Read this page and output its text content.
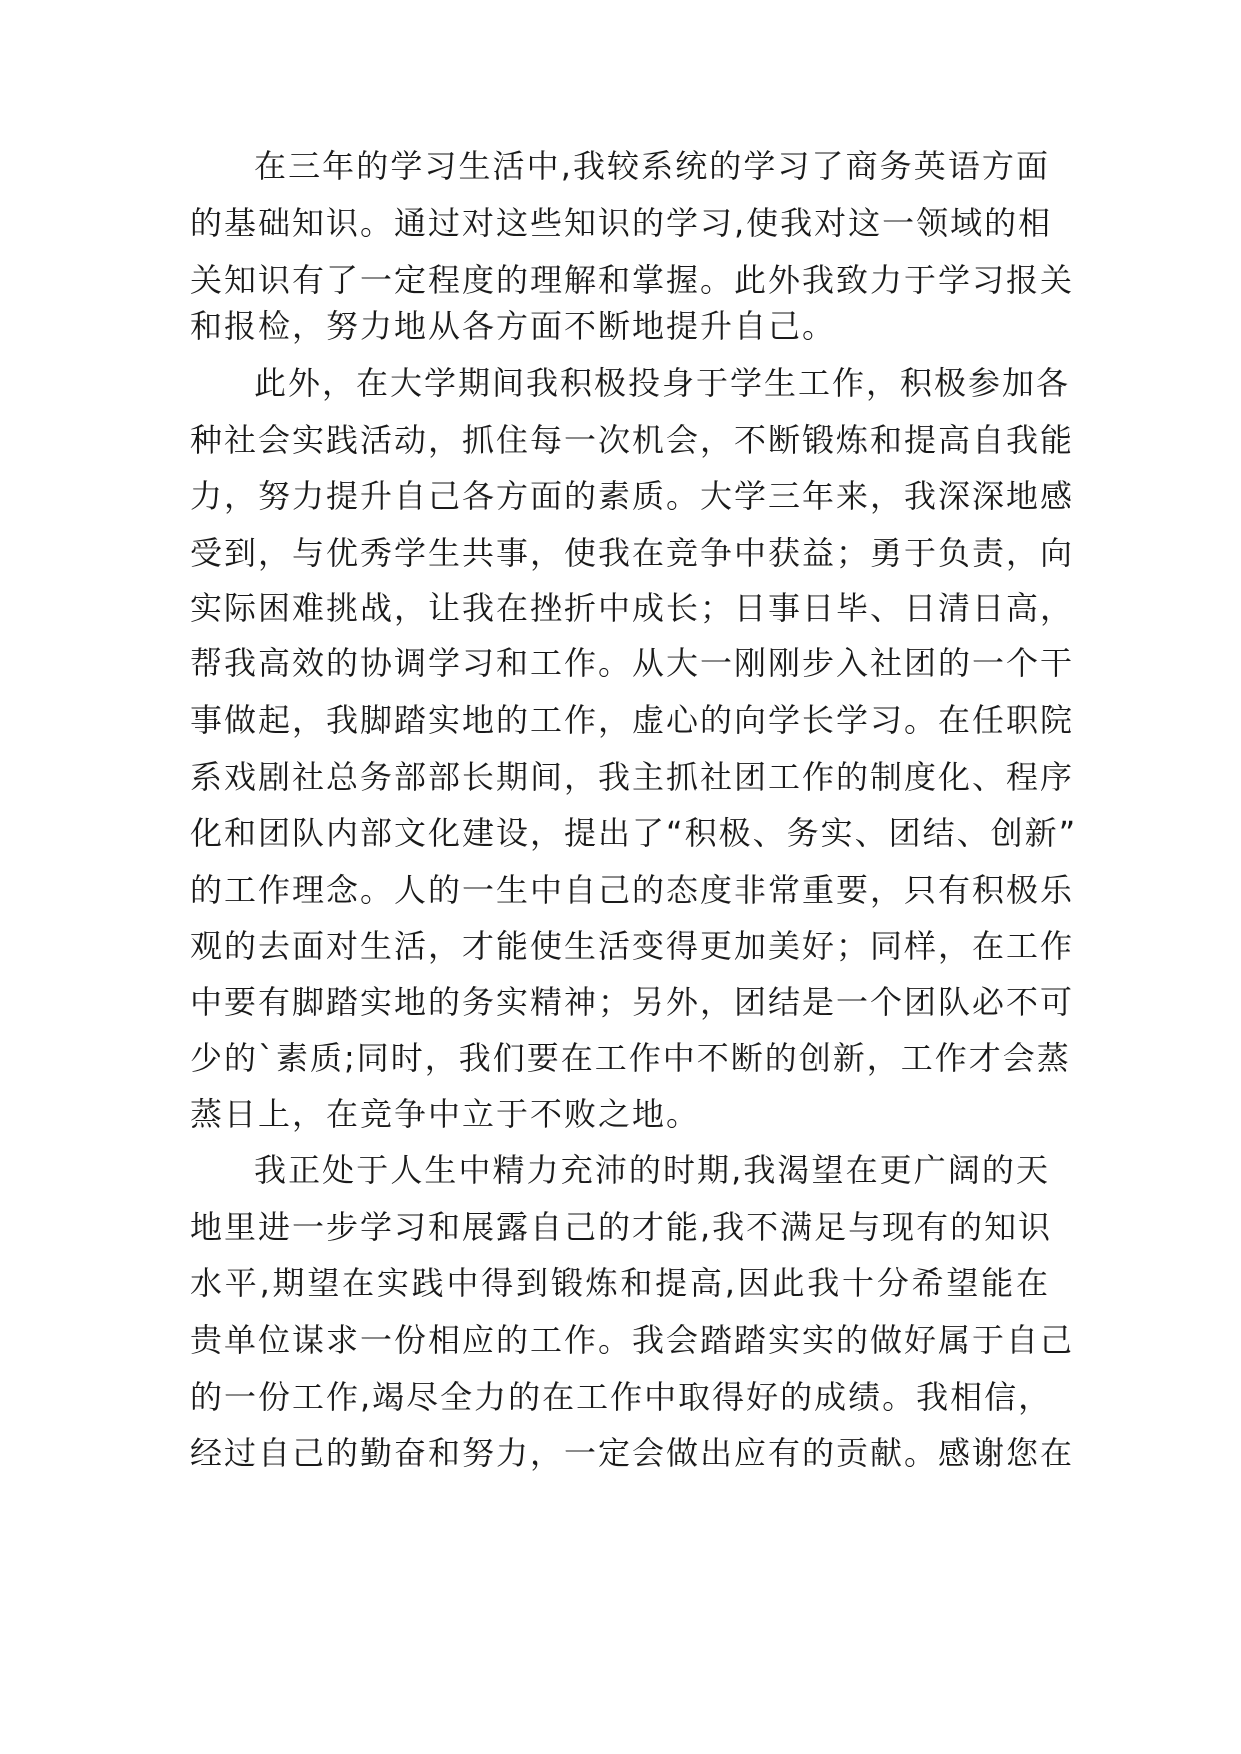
在三年的学习生活中,我较系统的学习了商务英语方面
的基础知识。通过对这些知识的学习,使我对这一领域的相
关知识有了一定程度的理解和掌握。此外我致力于学习报关
和报检，努力地从各方面不断地提升自己。
此外，在大学期间我积极投身于学生工作，积极参加各
种社会实践活动，抓住每一次机会，不断锻炼和提高自我能
力，努力提升自己各方面的素质。大学三年来，我深深地感
受到，与优秀学生共事，使我在竞争中获益；勇于负责，向
实际困难挑战，让我在挫折中成长；日事日毕、日清日高，
帮我高效的协调学习和工作。从大一刚刚步入社团的一个干
事做起，我脚踏实地的工作，虚心的向学长学习。在任职院
系戏剧社总务部部长期间，我主抓社团工作的制度化、程序
化和团队内部文化建设，提出了“积极、务实、团结、创新”
的工作理念。人的一生中自己的态度非常重要，只有积极乐
观的去面对生活，才能使生活变得更加美好；同样，在工作
中要有脚踏实地的务实精神；另外，团结是一个团队必不可
少的`素质;同时，我们要在工作中不断的创新，工作才会蒸
蒸日上，在竞争中立于不败之地。
我正处于人生中精力充沛的时期,我渴望在更广阔的天
地里进一步学习和展露自己的才能,我不满足与现有的知识
水平,期望在实践中得到锻炼和提高,因此我十分希望能在
贵单位谋求一份相应的工作。我会踏踏实实的做好属于自己
的一份工作,竭尽全力的在工作中取得好的成绩。我相信，
经过自己的勤奋和努力，一定会做出应有的贡献。感谢您在
